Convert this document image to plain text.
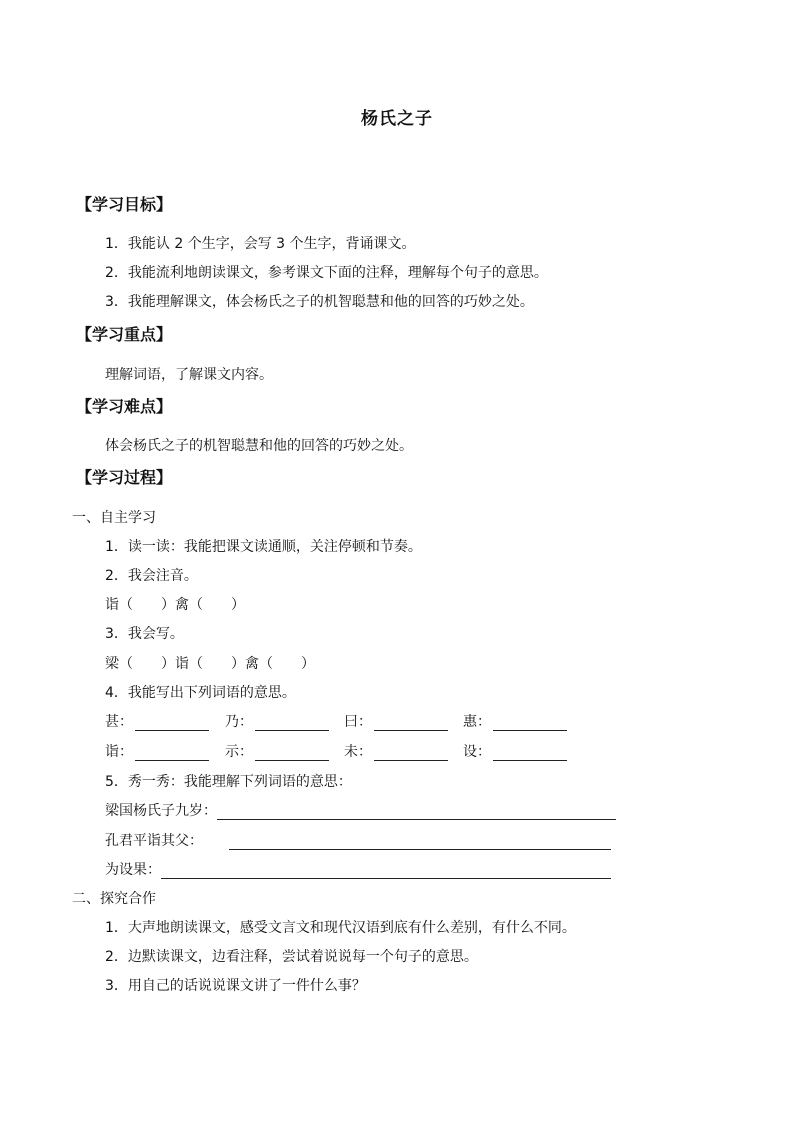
杨氏之子
【学习目标】
1．我能认 2 个生字，会写 3 个生字，背诵课文。
2．我能流利地朗读课文，参考课文下面的注释，理解每个句子的意思。
3．我能理解课文，体会杨氏之子的机智聪慧和他的回答的巧妙之处。
【学习重点】
理解词语，了解课文内容。
【学习难点】
体会杨氏之子的机智聪慧和他的回答的巧妙之处。
【学习过程】
一、自主学习
1．读一读：我能把课文读通顺，关注停顿和节奏。
2．我会注音。
诣（　　）禽（　　）
3．我会写。
梁（　　）诣（　　）禽（　　）
4．我能写出下列词语的意思。
甚：	乃：	曰：	惠：
诣：	示：	未：	设：
5．秀一秀：我能理解下列词语的意思：
梁国杨氏子九岁：
孔君平诣其父：
为设果：
二、探究合作
1．大声地朗读课文，感受文言文和现代汉语到底有什么差别，有什么不同。
2．边默读课文，边看注释，尝试着说说每一个句子的意思。
3．用自己的话说说课文讲了一件什么事？
